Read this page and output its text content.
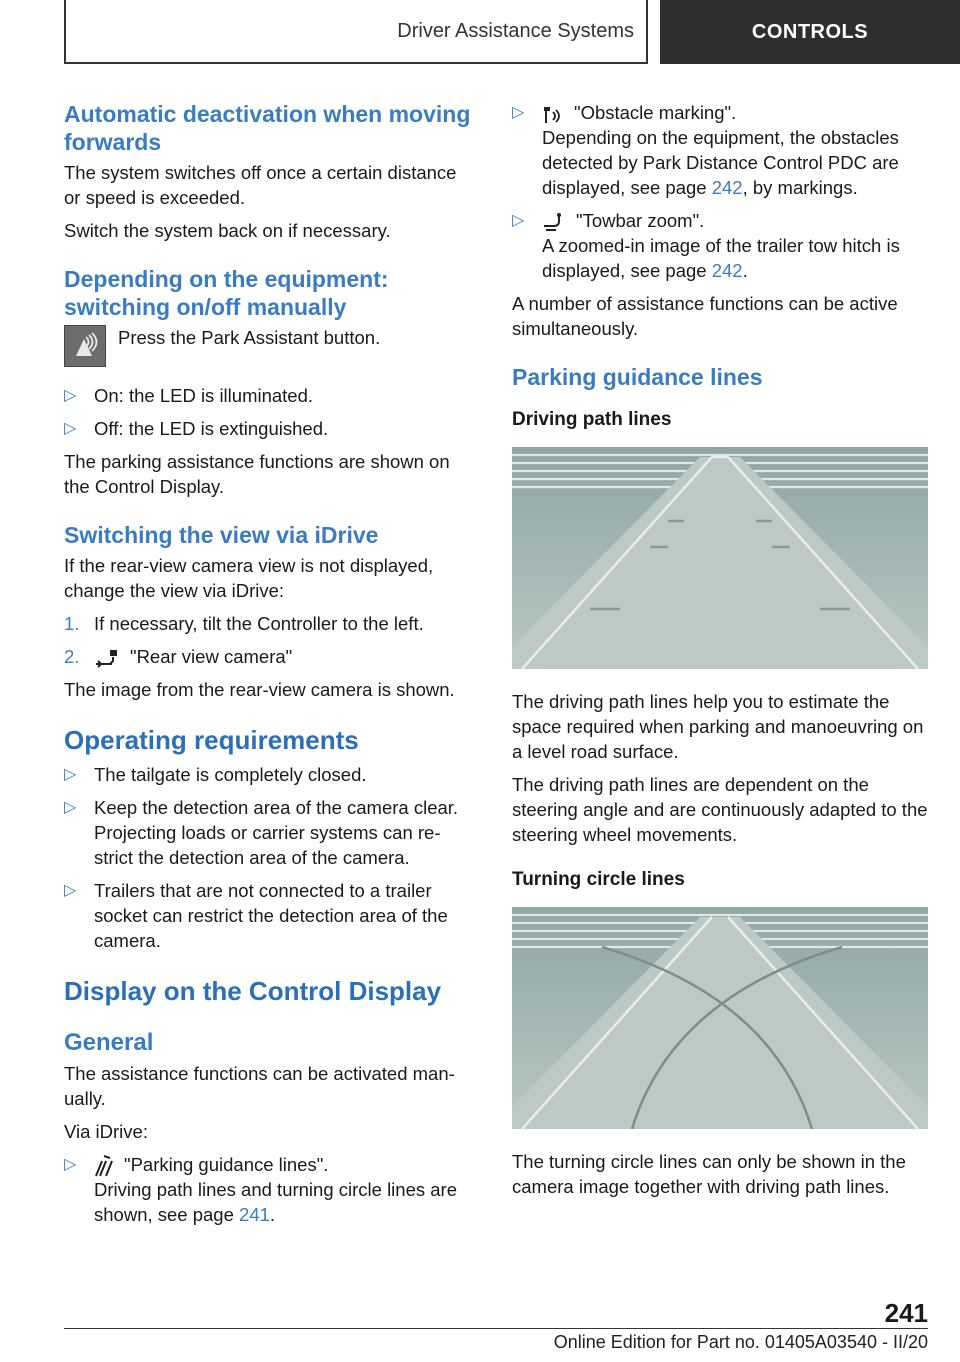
Driver Assistance Systems	CONTROLS
Automatic deactivation when moving forwards

The system switches off once a certain distance or speed is exceeded.

Switch the system back on if necessary.

Depending on the equipment: switching on/off manually

Press the Park Assistant button.

▷ On: the LED is illuminated.
▷ Off: the LED is extinguished.

The parking assistance functions are shown on the Control Display.

Switching the view via iDrive

If the rear-view camera view is not displayed, change the view via iDrive:

1. If necessary, tilt the Controller to the left.
2.	"Rear view camera"

The image from the rear-view camera is shown.

Operating requirements
▷ The tailgate is completely closed.
▷ Keep the detection area of the camera clear. Projecting loads or carrier systems can re-strict the detection area of the camera.
▷ Trailers that are not connected to a trailer socket can restrict the detection area of the camera.
Display on the Control Display
General

The assistance functions can be activated man-ually.

Via iDrive:

▷	"Parking guidance lines".
Driving path lines and turning circle lines are shown, see page 241.
▷	"Obstacle marking".
Depending on the equipment, the obstacles detected by Park Distance Control PDC are displayed, see page 242, by markings.
▷	"Towbar zoom".
A zoomed-in image of the trailer tow hitch is displayed, see page 242.

A number of assistance functions can be active simultaneously.

Parking guidance lines
Driving path lines

The driving path lines help you to estimate the space required when parking and manoeuvring on a level road surface.

The driving path lines are dependent on the steering angle and are continuously adapted to the steering wheel movements.

Turning circle lines

The turning circle lines can only be shown in the camera image together with driving path lines.

241
Online Edition for Part no. 01405A03540 - II/20
